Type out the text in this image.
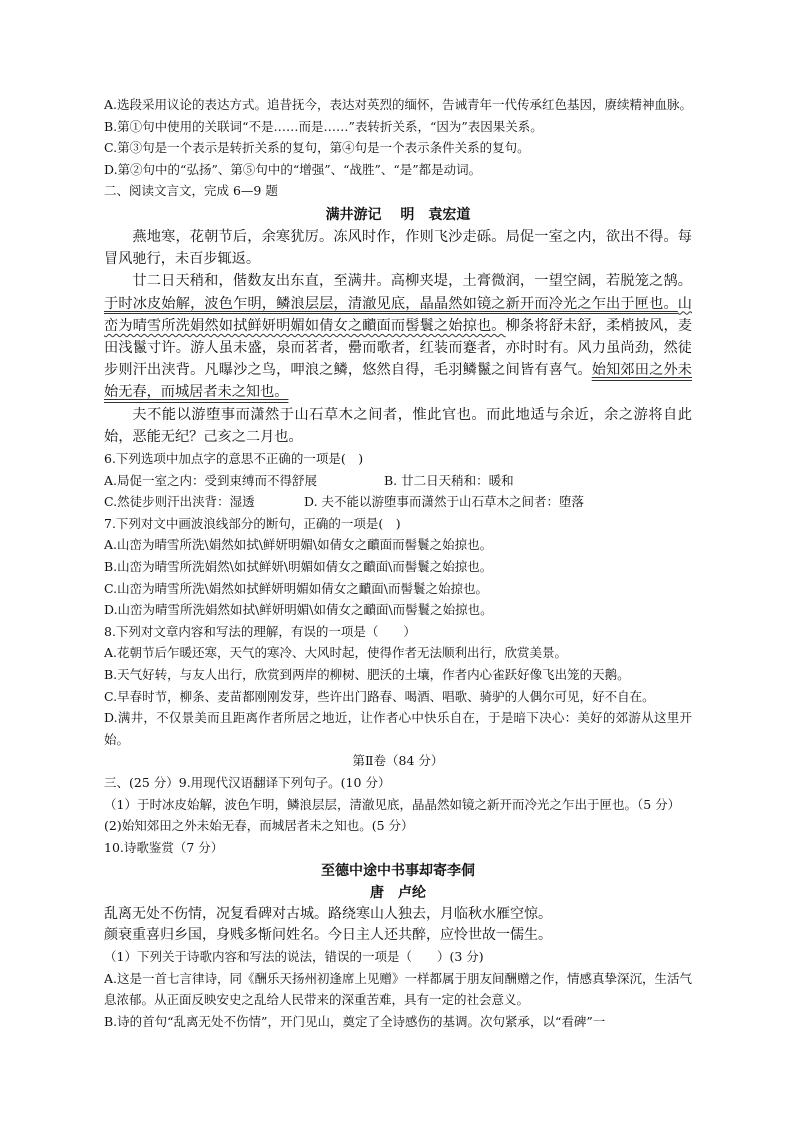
A.选段采用议论的表达方式。追昔抚今，表达对英烈的缅怀，告诫青年一代传承红色基因，赓续精神血脉。

B.第①句中使用的关联词“不是……而是……”表转折关系，“因为”表因果关系。

C.第③句是一个表示是转折关系的复句，第④句是一个表示条件关系的复句。

D.第②句中的“弘扬”、第⑤句中的“增强”、“战胜”、“是”都是动词。

二、阅读文言文，完成 6—9 题

满井游记　 明　袁宏道

燕地寒，花朝节后，余寒犹厉。冻风时作，作则飞沙走砾。局促一室之内，欲出不得。每冒风驰行，未百步辄返。

廿二日天稍和，偕数友出东直，至满井。高柳夹堤，土膏微润，一望空阔，若脱笼之鹄。于时冰皮始解，波色乍明，鳞浪层层，清澈见底，晶晶然如镜之新开而冷光之乍出于匣也。山峦为晴雪所洗娟然如拭鲜妍明媚如倩女之靧面而髻鬟之始掠也。柳条将舒未舒，柔梢披风，麦田浅鬣寸许。游人虽未盛，泉而茗者，罍而歌者，红装而蹇者，亦时时有。风力虽尚劲，然徒步则汗出浃背。凡曝沙之鸟，呷浪之鳞，悠然自得，毛羽鳞鬣之间皆有喜气。始知郊田之外未始无春，而城居者未之知也。

夫不能以游堕事而潇然于山石草木之间者，惟此官也。而此地适与余近，余之游将自此始，恶能无纪？己亥之二月也。

6.下列选项中加点字的意思不正确的一项是(　)

A.局促一室之内：受到束缚而不得舒展	B. 廿二日天稍和：暖和

C.然徒步则汗出浃背：湿透	D. 夫不能以游堕事而潇然于山石草木之间者：堕落

7.下列对文中画波浪线部分的断句，正确的一项是(　)

A.山峦为晴雪所洗\娟然如拭\鲜妍明媚\如倩女之靧面而髻鬟之始掠也。

B.山峦为晴雪所洗娟然\如拭鲜妍\明媚如倩女之靧面\而髻鬟之始掠也。

C.山峦为晴雪所洗\娟然如拭鲜妍明媚如倩女之靧面\而髻鬟之始掠也。

D.山峦为晴雪所洗娟然如拭\鲜妍明媚\如倩女之靧面\而髻鬟之始掠也。

8.下列对文章内容和写法的理解，有误的一项是（　　）

A.花朝节后乍暖还寒，天气的寒冷、大风时起，使得作者无法顺利出行，欣赏美景。

B.天气好转，与友人出行，欣赏到两岸的柳树、肥沃的土壤，作者内心雀跃好像飞出笼的天鹅。

C.早春时节，柳条、麦苗都刚刚发芽，些许出门路春、喝酒、唱歌、骑驴的人偶尔可见，好不自在。

D.满井，不仅景美而且距离作者所居之地近，让作者心中快乐自在，于是暗下决心：美好的郊游从这里开始。

第Ⅱ卷（84 分）

三、(25 分）9.用现代汉语翻译下列句子。(10 分）

（1）于时冰皮始解，波色乍明，鳞浪层层，清澈见底，晶晶然如镜之新开而冷光之乍出于匣也。（5 分）

(2)始知郊田之外未始无春，而城居者未之知也。(5 分）

10.诗歌鉴赏（7 分）

至德中途中书事却寄李侗

唐　卢纶

乱离无处不伤情，况复看碑对古城。路绕寒山人独去，月临秋水雁空惊。

颜衰重喜归乡国，身贱多惭问姓名。今日主人还共醉，应怜世故一儒生。

（1）下列关于诗歌内容和写法的说法，错误的一项是（　　）(3 分)

A.这是一首七言律诗，同《酬乐天扬州初逢席上见赠》一样都属于朋友间酬赠之作，情感真挚深沉，生活气息浓郁。从正面反映安史之乱给人民带来的深重苦难，具有一定的社会意义。

B.诗的首句“乱离无处不伤情”，开门见山，奠定了全诗感伤的基调。次句紧承，以“看碑”一
